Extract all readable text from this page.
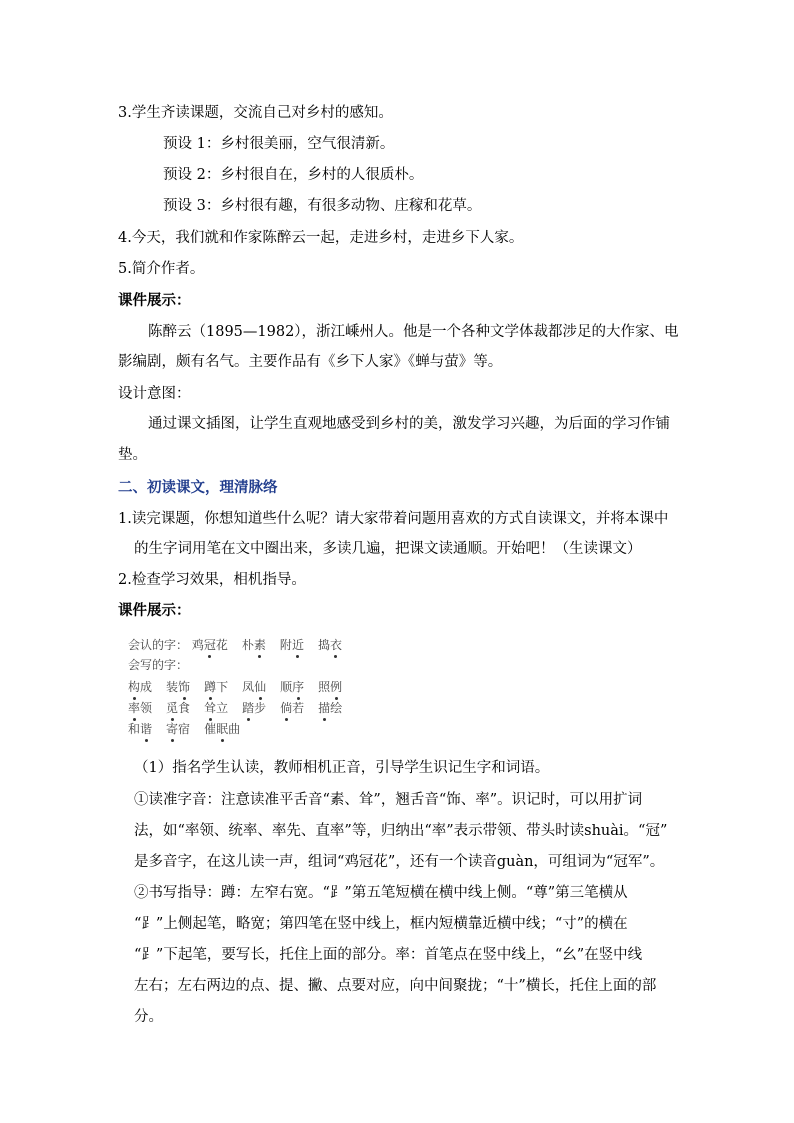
3.学生齐读课题，交流自己对乡村的感知。
预设 1：乡村很美丽，空气很清新。
预设 2：乡村很自在，乡村的人很质朴。
预设 3：乡村很有趣，有很多动物、庄稼和花草。
4.今天，我们就和作家陈醉云一起，走进乡村，走进乡下人家。
5.简介作者。
课件展示：
陈醉云（1895—1982），浙江嵊州人。他是一个各种文学体裁都涉足的大作家、电
影编剧，颇有名气。主要作品有《乡下人家》《蝉与萤》等。
设计意图：
通过课文插图，让学生直观地感受到乡村的美，激发学习兴趣，为后面的学习作铺
垫。
二、初读课文，理清脉络
1.读完课题，你想知道些什么呢？请大家带着问题用喜欢的方式自读课文，并将本课中
的生字词用笔在文中圈出来，多读几遍，把课文读通顺。开始吧！（生读课文）
2.检查学习效果，相机指导。
课件展示：
会认的字： 鸡冠花 朴素 附近 捣衣
会写的字：
构成 装饰 蹲下 凤仙 顺序 照例
率领 觅食 耸立 踏步 倘若 描绘
和谐 寄宿 催眠曲
（1）指名学生认读，教师相机正音，引导学生识记生字和词语。
①读准字音：注意读准平舌音“素、耸”，翘舌音“饰、率”。识记时，可以用扩词
法，如“率领、统率、率先、直率”等，归纳出“率”表示带领、带头时读shuài。“冠”
是多音字，在这儿读一声，组词“鸡冠花”，还有一个读音guàn，可组词为“冠军”。
②书写指导：蹲：左窄右宽。“⻊”第五笔短横在横中线上侧。“尊”第三笔横从
“⻊”上侧起笔，略宽；第四笔在竖中线上，框内短横靠近横中线；“寸”的横在
“⻊”下起笔，要写长，托住上面的部分。率：首笔点在竖中线上，“幺”在竖中线
左右；左右两边的点、提、撇、点要对应，向中间聚拢；“十”横长，托住上面的部
分。
